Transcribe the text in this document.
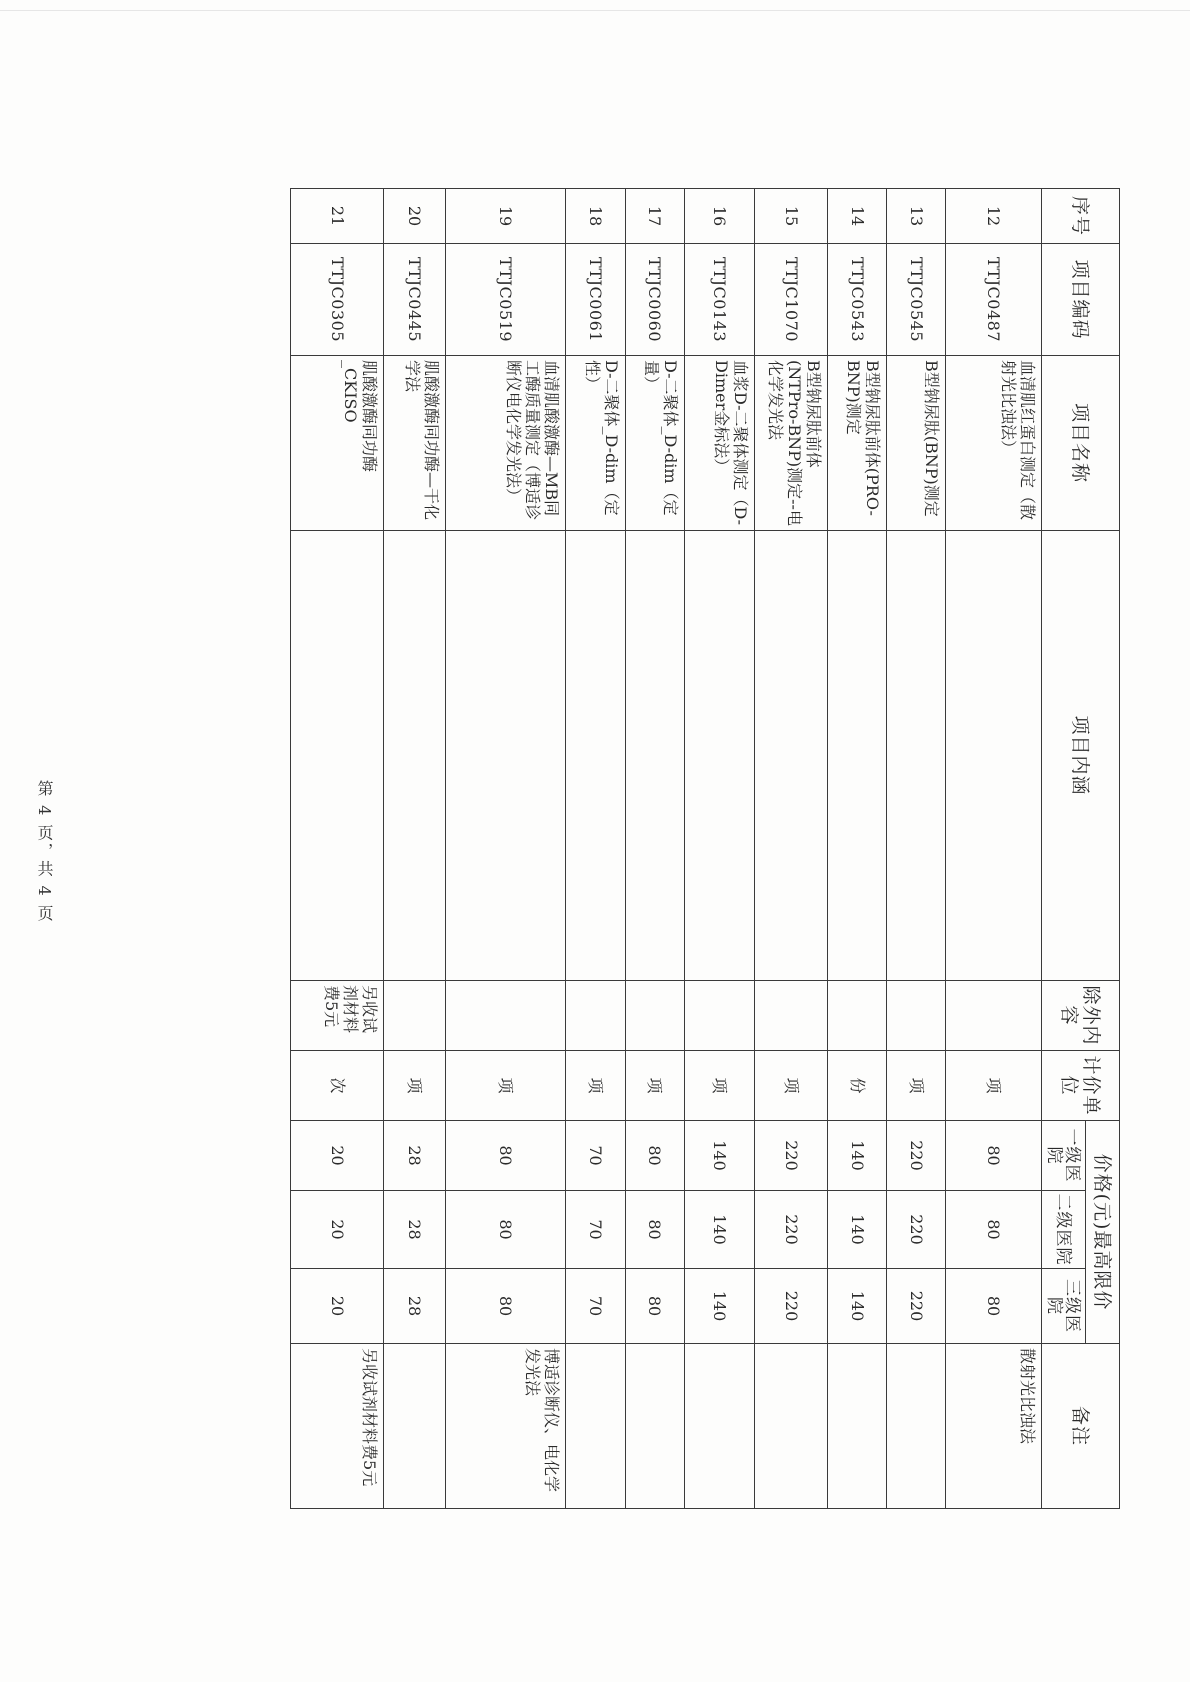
序号	项目编码	项目名称	项目内涵	除外内容	计价单位	价格(元)最高限价			备注
						一级医院	二级医院	三级医院	
12	TTJC0487	血清肌红蛋白测定（散射光比浊法）			项	80	80	80	散射光比浊法
13	TTJC0545	B型钠尿肽(BNP)测定			项	220	220	220	
14	TTJC0543	B型钠尿肽前体(PRO-BNP)测定			份	140	140	140	
15	TTJC1070	B型钠尿肽前体(NTPro-BNP)测定--电化学发光法			项	220	220	220	
16	TTJC0143	血浆D-二聚体测定（D-Dimer金标法）			项	140	140	140	
17	TTJC0060	D-二聚体_D-dim（定量）			项	80	80	80	
18	TTJC0061	D-二聚体_D-dim（定性）			项	70	70	70	
19	TTJC0519	血清肌酸激酶—MB同工酶质量测定（博适诊断仪电化学发光法）			项	80	80	80	博适诊断仪、电化学发光法
20	TTJC0445	肌酸激酶同功酶—干化学法			项	28	28	28	
21	TTJC0305	肌酸激酶同功酶_CKISO		另收试剂材料费5元	次	20	20	20	另收试剂材料费5元
第 4 页，共 4 页
